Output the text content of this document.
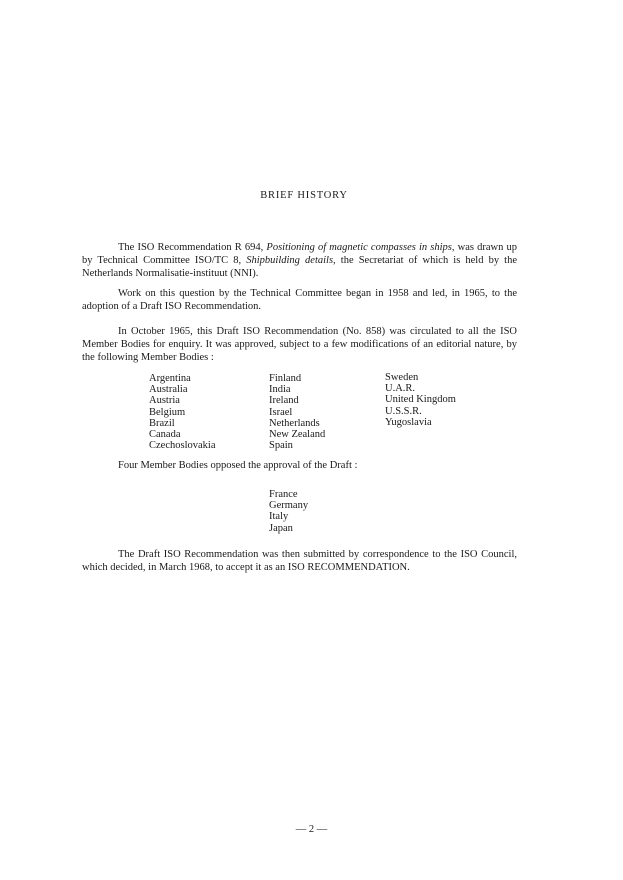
BRIEF HISTORY

The ISO Recommendation R 694, Positioning of magnetic compasses in ships, was drawn up by Technical Committee ISO/TC 8, Shipbuilding details, the Secretariat of which is held by the Netherlands Normalisatie-instituut (NNI).

Work on this question by the Technical Committee began in 1958 and led, in 1965, to the adoption of a Draft ISO Recommendation.

In October 1965, this Draft ISO Recommendation (No. 858) was circulated to all the ISO Member Bodies for enquiry. It was approved, subject to a few modifications of an editorial nature, by the following Member Bodies :

Argentina
Australia
Austria
Belgium
Brazil
Canada
Czechoslovakia
Finland
India
Ireland
Israel
Netherlands
New Zealand
Spain
Sweden
U.A.R.
United Kingdom
U.S.S.R.
Yugoslavia

Four Member Bodies opposed the approval of the Draft :

France
Germany
Italy
Japan

The Draft ISO Recommendation was then submitted by correspondence to the ISO Council, which decided, in March 1968, to accept it as an ISO RECOMMENDATION.

— 2 —
